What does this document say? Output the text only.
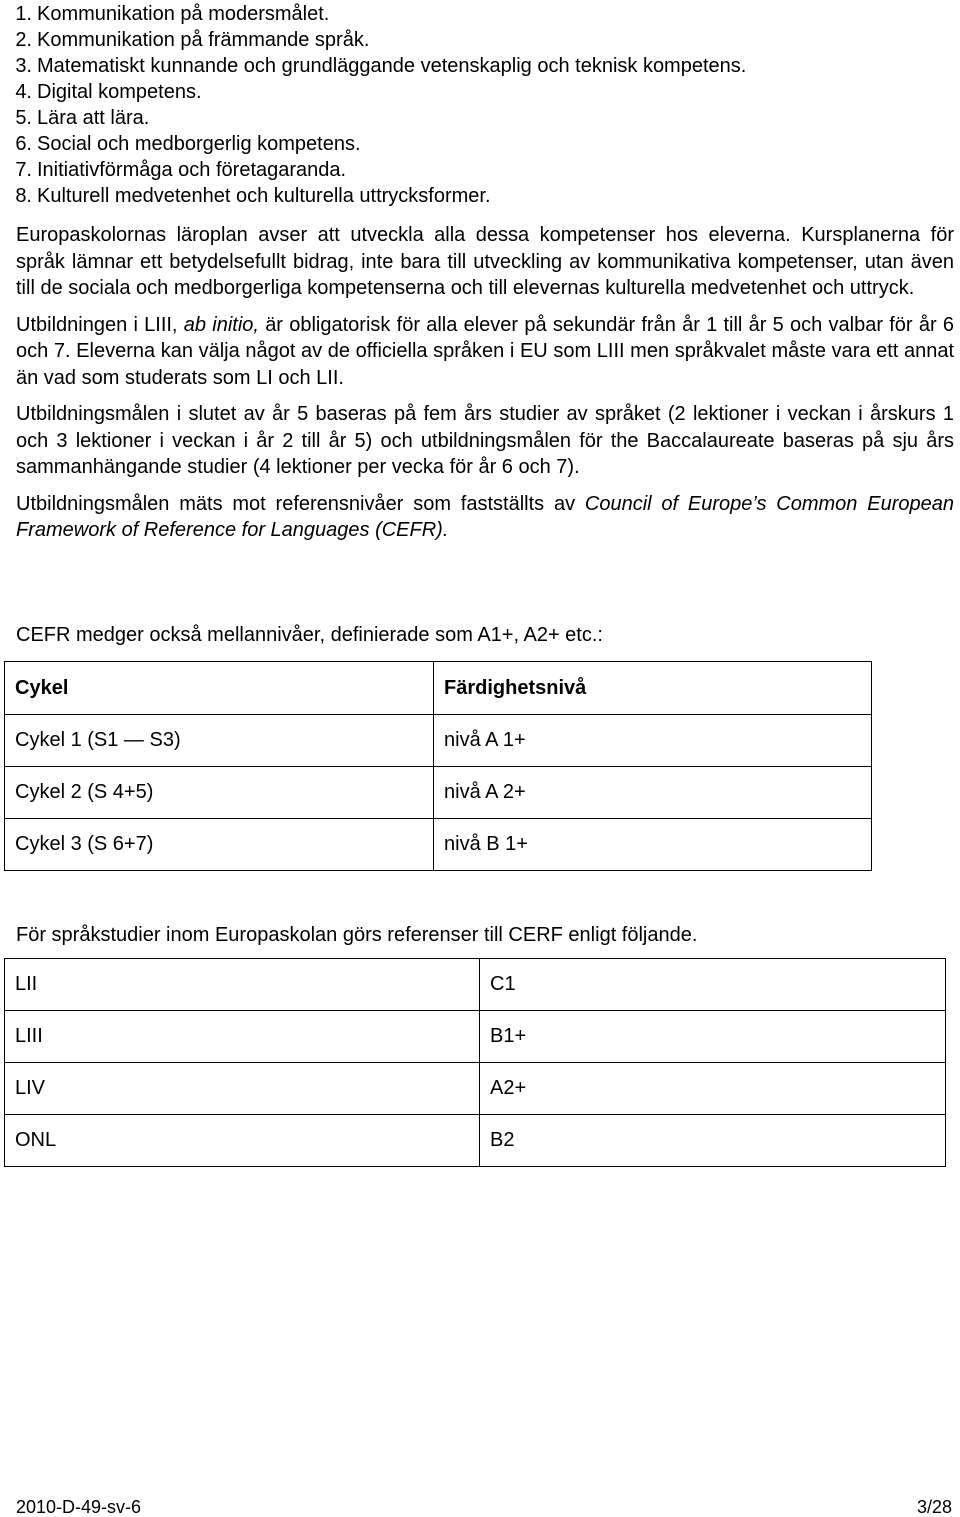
1. Kommunikation på modersmålet.
2. Kommunikation på främmande språk.
3. Matematiskt kunnande och grundläggande vetenskaplig och teknisk kompetens.
4. Digital kompetens.
5. Lära att lära.
6. Social och medborgerlig kompetens.
7. Initiativförmåga och företagaranda.
8. Kulturell medvetenhet och kulturella uttrycksformer.

Europaskolornas läroplan avser att utveckla alla dessa kompetenser hos eleverna. Kursplanerna för språk lämnar ett betydelsefullt bidrag, inte bara till utveckling av kommunikativa kompetenser, utan även till de sociala och medborgerliga kompetenserna och till elevernas kulturella medvetenhet och uttryck.

Utbildningen i LIII, ab initio, är obligatorisk för alla elever på sekundär från år 1 till år 5 och valbar för år 6 och 7. Eleverna kan välja något av de officiella språken i EU som LIII men språkvalet måste vara ett annat än vad som studerats som LI och LII.

Utbildningsmålen i slutet av år 5 baseras på fem års studier av språket (2 lektioner i veckan i årskurs 1 och 3 lektioner i veckan i år 2 till år 5) och utbildningsmålen för the Baccalaureate baseras på sju års sammanhängande studier (4 lektioner per vecka för år 6 och 7).

Utbildningsmålen mäts mot referensnivåer som fastställts av Council of Europe’s Common European Framework of Reference for Languages (CEFR).

CEFR medger också mellannivåer, definierade som A1+, A2+ etc.:
Cykel	Färdighetsnivå
Cykel 1 (S1 — S3)	nivå A 1+
Cykel 2 (S 4+5)	nivå A 2+
Cykel 3 (S 6+7)	nivå B 1+
För språkstudier inom Europaskolan görs referenser till CERF enligt följande.
LII	C1
LIII	B1+
LIV	A2+
ONL	B2
2010-D-49-sv-6	3/28
